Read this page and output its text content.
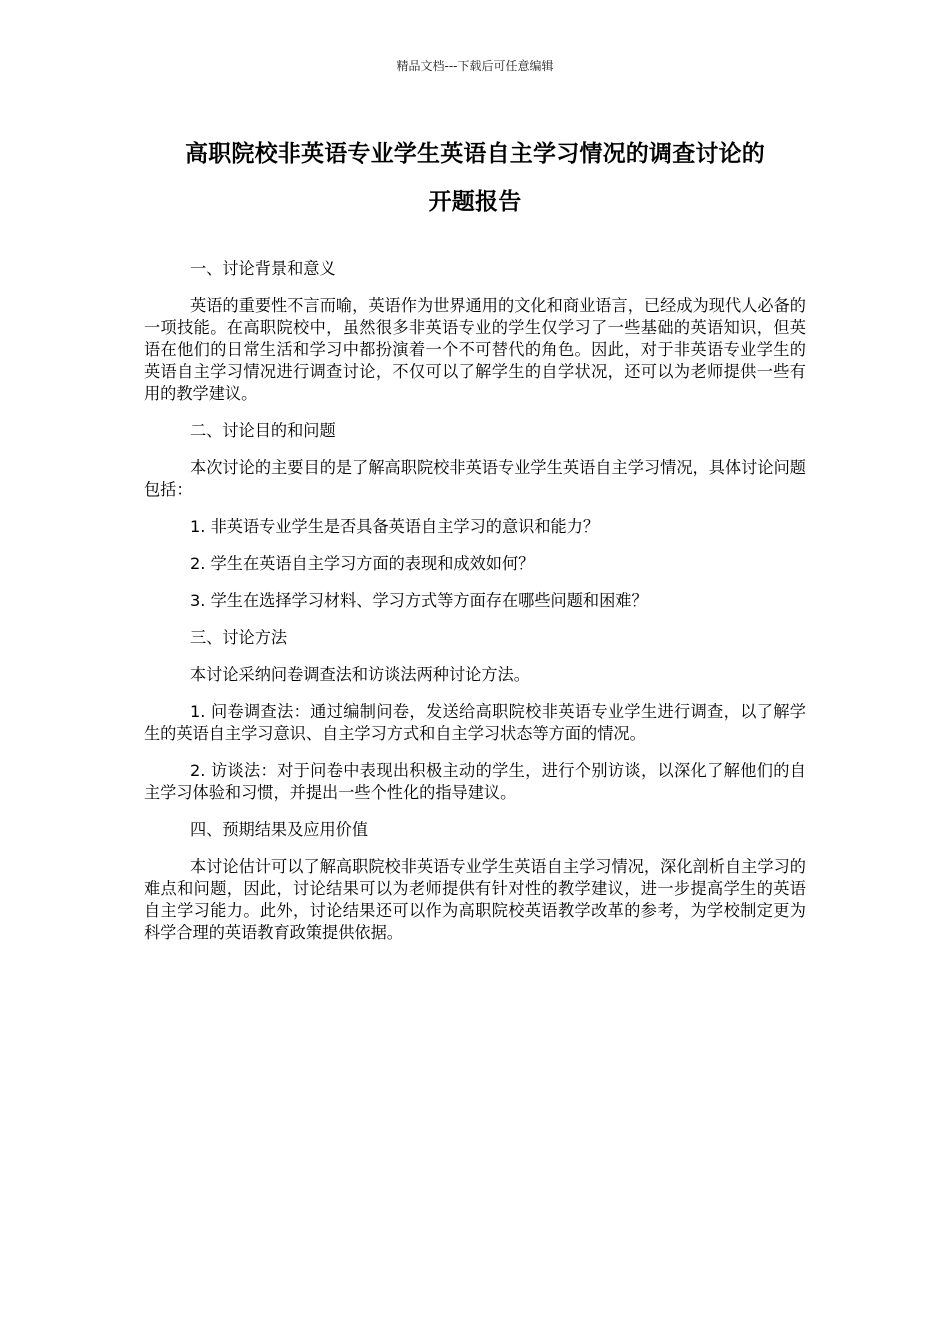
精品文档---下载后可任意编辑
高职院校非英语专业学生英语自主学习情况的调查讨论的
开题报告

一、讨论背景和意义

英语的重要性不言而喻，英语作为世界通用的文化和商业语言，已经成为现代人必备的一项技能。在高职院校中，虽然很多非英语专业的学生仅学习了一些基础的英语知识，但英语在他们的日常生活和学习中都扮演着一个不可替代的角色。因此，对于非英语专业学生的英语自主学习情况进行调查讨论，不仅可以了解学生的自学状况，还可以为老师提供一些有用的教学建议。

二、讨论目的和问题

本次讨论的主要目的是了解高职院校非英语专业学生英语自主学习情况，具体讨论问题包括：

1. 非英语专业学生是否具备英语自主学习的意识和能力？

2. 学生在英语自主学习方面的表现和成效如何？

3. 学生在选择学习材料、学习方式等方面存在哪些问题和困难？

三、讨论方法

本讨论采纳问卷调查法和访谈法两种讨论方法。

1. 问卷调查法：通过编制问卷，发送给高职院校非英语专业学生进行调查，以了解学生的英语自主学习意识、自主学习方式和自主学习状态等方面的情况。

2. 访谈法：对于问卷中表现出积极主动的学生，进行个别访谈，以深化了解他们的自主学习体验和习惯，并提出一些个性化的指导建议。

四、预期结果及应用价值

本讨论估计可以了解高职院校非英语专业学生英语自主学习情况，深化剖析自主学习的难点和问题，因此，讨论结果可以为老师提供有针对性的教学建议，进一步提高学生的英语自主学习能力。此外，讨论结果还可以作为高职院校英语教学改革的参考，为学校制定更为科学合理的英语教育政策提供依据。
